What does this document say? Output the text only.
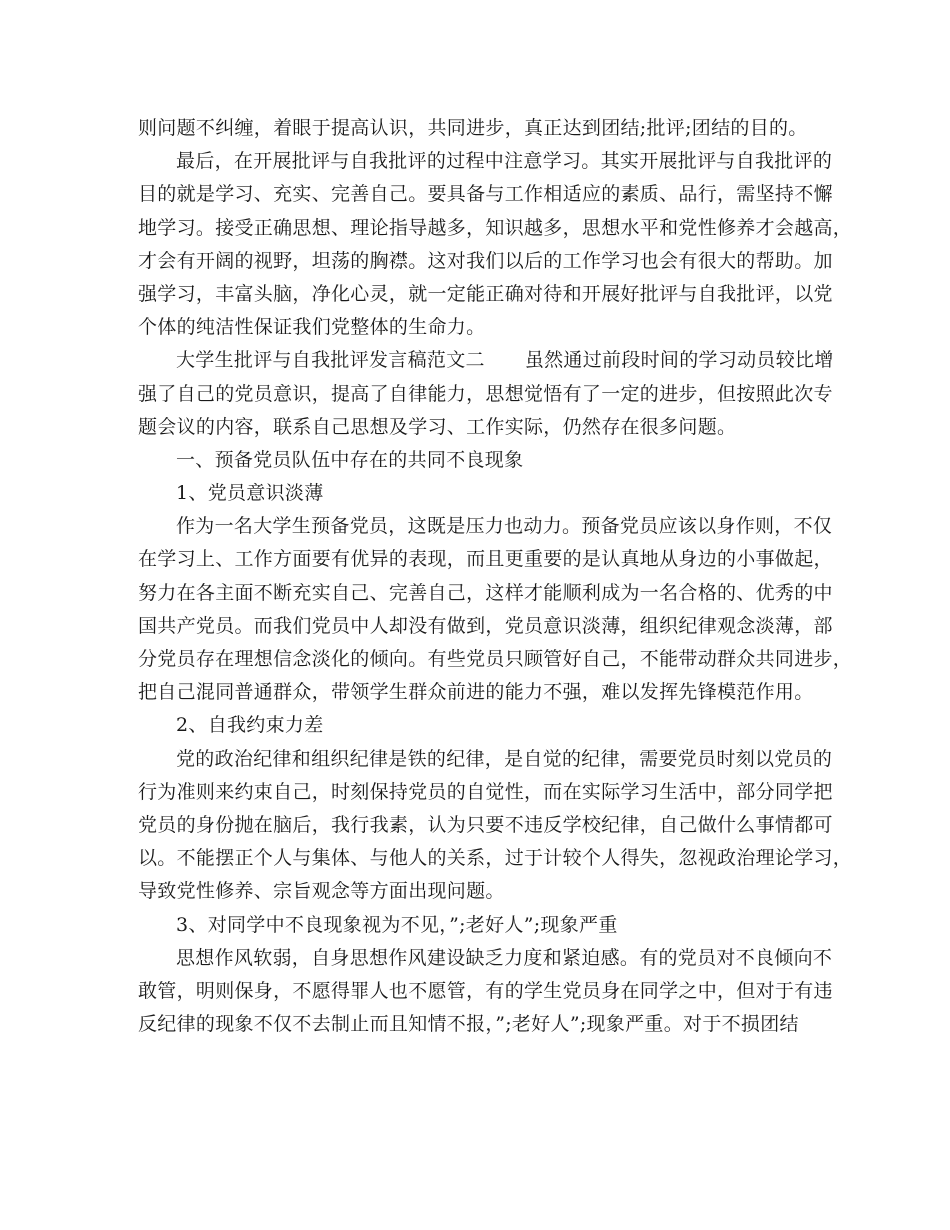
则问题不纠缠，着眼于提高认识，共同进步，真正达到团结;批评;团结的目的。
最后，在开展批评与自我批评的过程中注意学习。其实开展批评与自我批评的
目的就是学习、充实、完善自己。要具备与工作相适应的素质、品行，需坚持不懈
地学习。接受正确思想、理论指导越多，知识越多，思想水平和党性修养才会越高，
才会有开阔的视野，坦荡的胸襟。这对我们以后的工作学习也会有很大的帮助。加
强学习，丰富头脑，净化心灵，就一定能正确对待和开展好批评与自我批评，以党
个体的纯洁性保证我们党整体的生命力。
大学生批评与自我批评发言稿范文二 虽然通过前段时间的学习动员较比增
强了自己的党员意识，提高了自律能力，思想觉悟有了一定的进步，但按照此次专
题会议的内容，联系自己思想及学习、工作实际，仍然存在很多问题。
一、预备党员队伍中存在的共同不良现象
1、党员意识淡薄
作为一名大学生预备党员，这既是压力也动力。预备党员应该以身作则，不仅
在学习上、工作方面要有优异的表现，而且更重要的是认真地从身边的小事做起，
努力在各主面不断充实自己、完善自己，这样才能顺利成为一名合格的、优秀的中
国共产党员。而我们党员中人却没有做到，党员意识淡薄，组织纪律观念淡薄，部
分党员存在理想信念淡化的倾向。有些党员只顾管好自己，不能带动群众共同进步，
把自己混同普通群众，带领学生群众前进的能力不强，难以发挥先锋模范作用。
2、自我约束力差
党的政治纪律和组织纪律是铁的纪律，是自觉的纪律，需要党员时刻以党员的
行为准则来约束自己，时刻保持党员的自觉性，而在实际学习生活中，部分同学把
党员的身份抛在脑后，我行我素，认为只要不违反学校纪律，自己做什么事情都可
以。不能摆正个人与集体、与他人的关系，过于计较个人得失，忽视政治理论学习，
导致党性修养、宗旨观念等方面出现问题。
3、对同学中不良现象视为不见，”;老好人”;现象严重
思想作风软弱，自身思想作风建设缺乏力度和紧迫感。有的党员对不良倾向不
敢管，明则保身，不愿得罪人也不愿管，有的学生党员身在同学之中，但对于有违
反纪律的现象不仅不去制止而且知情不报，”;老好人”;现象严重。对于不损团结
